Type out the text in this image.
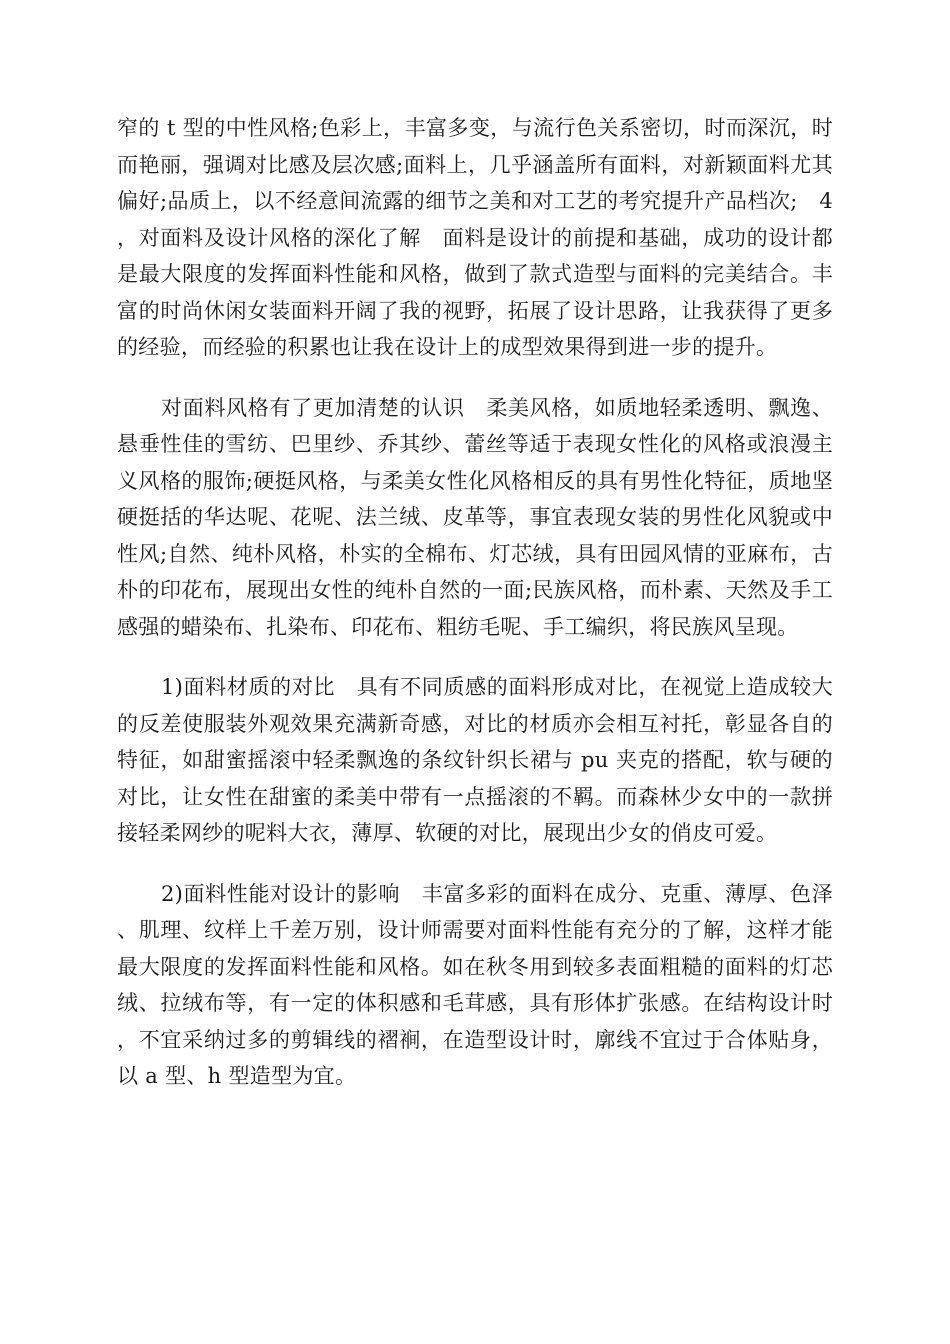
窄的 t 型的中性风格;色彩上，丰富多变，与流行色关系密切，时而深沉，时而艳丽，强调对比感及层次感;面料上，几乎涵盖所有面料，对新颖面料尤其偏好;品质上，以不经意间流露的细节之美和对工艺的考究提升产品档次;　4，对面料及设计风格的深化了解　面料是设计的前提和基础，成功的设计都是最大限度的发挥面料性能和风格，做到了款式造型与面料的完美结合。丰富的时尚休闲女装面料开阔了我的视野，拓展了设计思路，让我获得了更多的经验，而经验的积累也让我在设计上的成型效果得到进一步的提升。

对面料风格有了更加清楚的认识　柔美风格，如质地轻柔透明、飘逸、悬垂性佳的雪纺、巴里纱、乔其纱、蕾丝等适于表现女性化的风格或浪漫主义风格的服饰;硬挺风格，与柔美女性化风格相反的具有男性化特征，质地坚硬挺括的华达呢、花呢、法兰绒、皮革等，事宜表现女装的男性化风貌或中性风;自然、纯朴风格，朴实的全棉布、灯芯绒，具有田园风情的亚麻布，古朴的印花布，展现出女性的纯朴自然的一面;民族风格，而朴素、天然及手工感强的蜡染布、扎染布、印花布、粗纺毛呢、手工编织，将民族风呈现。

1)面料材质的对比　具有不同质感的面料形成对比，在视觉上造成较大的反差使服装外观效果充满新奇感，对比的材质亦会相互衬托，彰显各自的特征，如甜蜜摇滚中轻柔飘逸的条纹针织长裙与 pu 夹克的搭配，软与硬的对比，让女性在甜蜜的柔美中带有一点摇滚的不羁。而森林少女中的一款拼接轻柔网纱的呢料大衣，薄厚、软硬的对比，展现出少女的俏皮可爱。

2)面料性能对设计的影响　丰富多彩的面料在成分、克重、薄厚、色泽、肌理、纹样上千差万别，设计师需要对面料性能有充分的了解，这样才能最大限度的发挥面料性能和风格。如在秋冬用到较多表面粗糙的面料的灯芯绒、拉绒布等，有一定的体积感和毛茸感，具有形体扩张感。在结构设计时，不宜采纳过多的剪辑线的褶裥，在造型设计时，廓线不宜过于合体贴身，以 a 型、h 型造型为宜。
